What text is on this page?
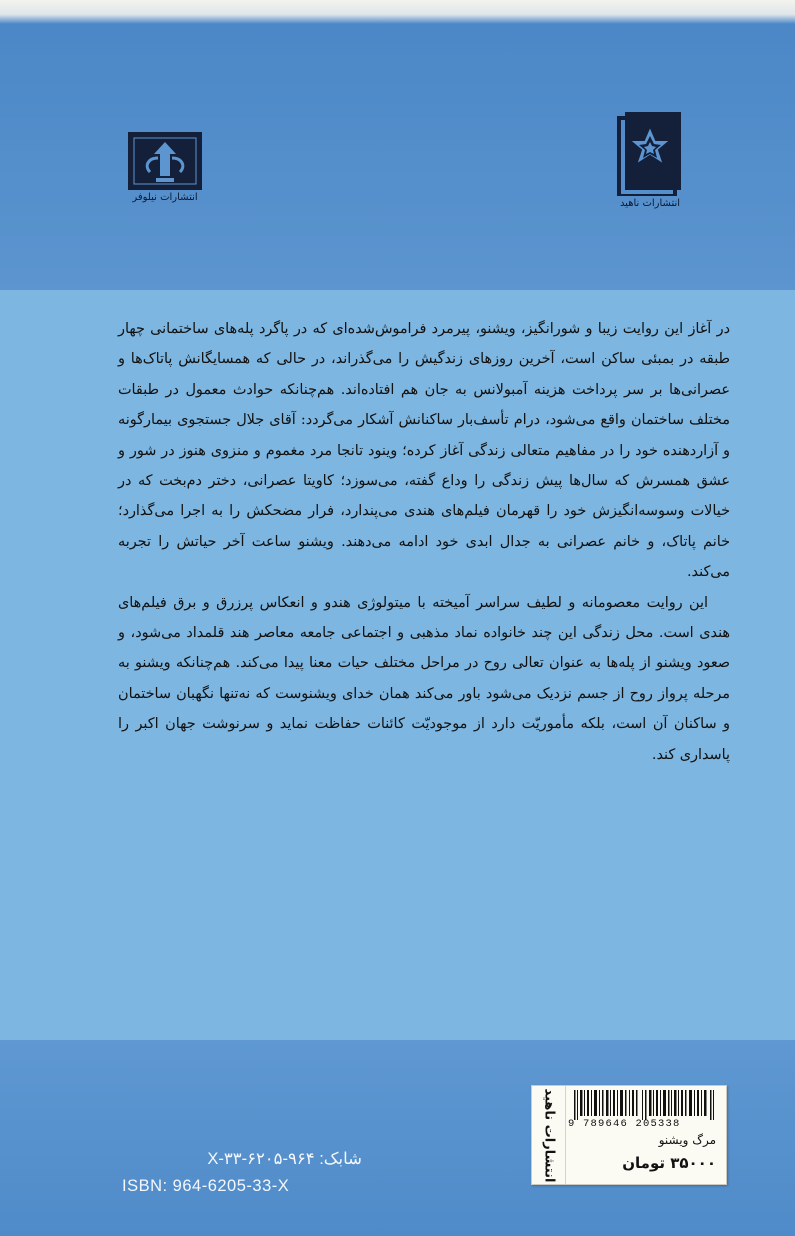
انتشارات نیلوفر
انتشارات ناهید

در آغاز این روایت زیبا و شورانگیز، ویشنو، پیرمرد فراموش‌شده‌ای که در پاگرد پله‌های ساختمانی چهار طبقه در بمبئی ساکن است، آخرین روزهای زندگیش را می‌گذراند، در حالی که همسایگانش پاتاک‌ها و عصرانی‌ها بر سر پرداخت هزینه آمبولانس به جان هم افتاده‌اند. هم‌چنانکه حوادث معمول در طبقات مختلف ساختمان واقع می‌شود، درام تأسف‌بار ساکنانش آشکار می‌گردد: آقای جلال جستجوی بیمارگونه و آزاردهنده خود را در مفاهیم متعالی زندگی آغاز کرده؛ وینود تانجا مرد مغموم و منزوی هنوز در شور و عشق همسرش که سال‌ها پیش زندگی را وداع گفته، می‌سوزد؛ کاویتا عصرانی، دختر دم‌بخت که در خیالات وسوسه‌انگیزش خود را قهرمان فیلم‌های هندی می‌پندارد، فرار مضحکش را به اجرا می‌گذارد؛ خانم پاتاک، و خانم عصرانی به جدال ابدی خود ادامه می‌دهند. ویشنو ساعت آخر حیاتش را تجربه می‌کند.

این روایت معصومانه و لطیف سراسر آمیخته با میتولوژی هندو و انعکاس پرزرق و برق فیلم‌های هندی است. محل زندگی این چند خانواده نماد مذهبی و اجتماعی جامعه معاصر هند قلمداد می‌شود، و صعود ویشنو از پله‌ها به عنوان تعالی روح در مراحل مختلف حیات معنا پیدا می‌کند. هم‌چنانکه ویشنو به مرحله پرواز روح از جسم نزدیک می‌شود باور می‌کند همان خدای ویشنوست که نه‌تنها نگهبان ساختمان و ساکنان آن است، بلکه مأموریّت دارد از موجودیّت کائنات حفاظت نماید و سرنوشت جهان اکبر را پاسداری کند.

شابک: X-۳۳-۶۲۰۵-۹۶۴
ISBN: 964-6205-33-X
انتشارات ناهید 9 789646 205338
مرگ ویشنو
۳۵۰۰۰ تومان
